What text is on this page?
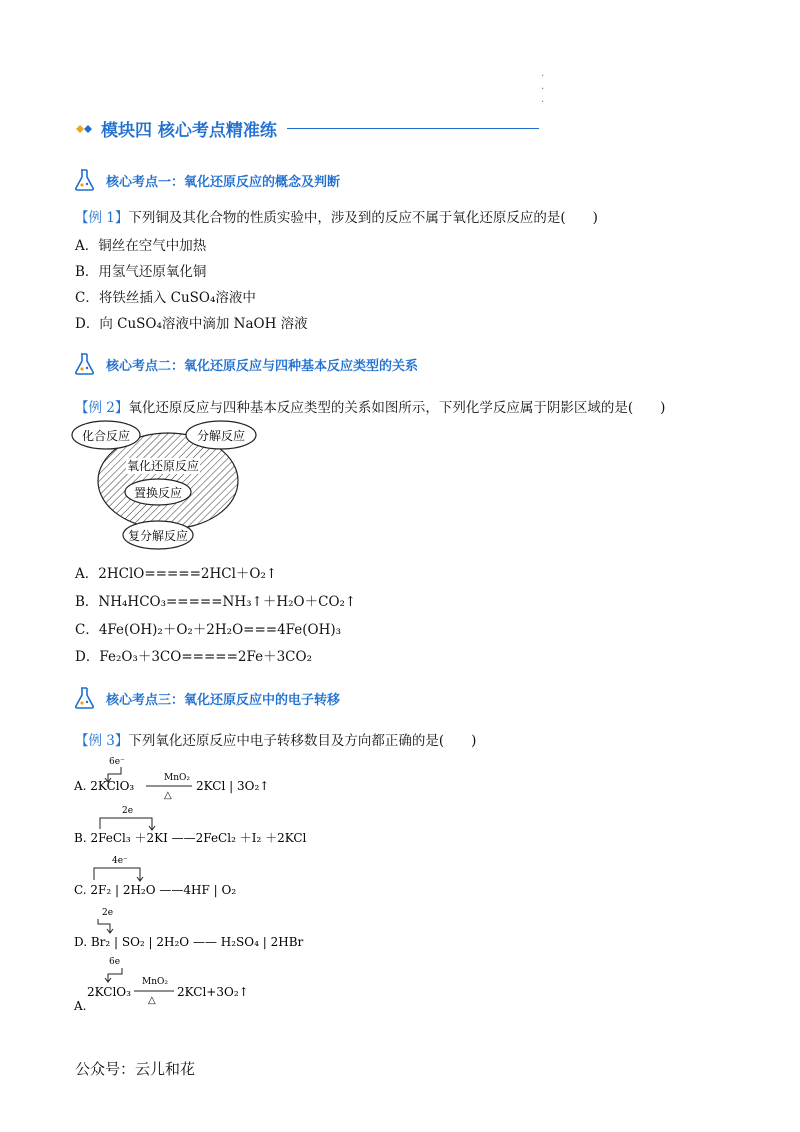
·
·
·
模块四 核心考点精准练
核心考点一：氧化还原反应的概念及判断
【例 1】下列铜及其化合物的性质实验中，涉及到的反应不属于氧化还原反应的是(　　)
A．铜丝在空气中加热
B．用氢气还原氧化铜
C．将铁丝插入 CuSO₄溶液中
D．向 CuSO₄溶液中滴加 NaOH 溶液
核心考点二：氧化还原反应与四种基本反应类型的关系
【例 2】氧化还原反应与四种基本反应类型的关系如图所示，下列化学反应属于阴影区域的是(　　)
化合反应	分解反应
氧化还原反应
置换反应
复分解反应
A．2HClO=====2HCl＋O₂↑
B．NH₄HCO₃=====NH₃↑＋H₂O＋CO₂↑
C．4Fe(OH)₂＋O₂＋2H₂O===4Fe(OH)₃
D．Fe₂O₃＋3CO=====2Fe＋3CO₂
核心考点三：氧化还原反应中的电子转移
【例 3】下列氧化还原反应中电子转移数目及方向都正确的是(　　)
6e⁻
A. 2KClO₃
MnO₂
△
2KCl | 3O₂↑
2e
B. 2FeCl₃ ＋2KI ——2FeCl₂ ＋I₂ ＋2KCl
4e⁻
C. 2F₂ | 2H₂O ——4HF | O₂
2e
D. Br₂ | SO₂ | 2H₂O —— H₂SO₄ | 2HBr
6e
2KClO₃
MnO₂
△
2KCl+3O₂↑
A.
公众号：云儿和花
